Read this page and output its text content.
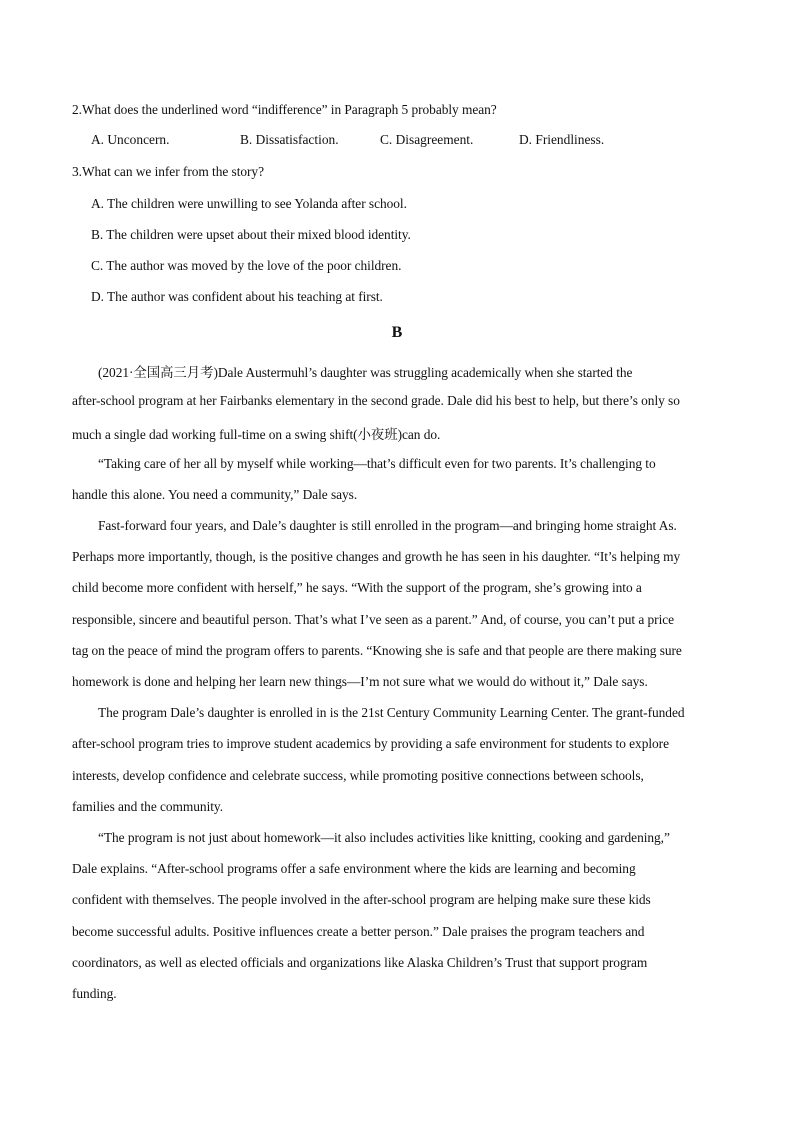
2.What does the underlined word “indifference” in Paragraph 5 probably mean?
A. Unconcern.	B. Dissatisfaction.	C. Disagreement.	D. Friendliness.
3.What can we infer from the story?
A. The children were unwilling to see Yolanda after school.
B. The children were upset about their mixed blood identity.
C. The author was moved by the love of the poor children.
D. The author was confident about his teaching at first.
B
(2021·全国高三月考)Dale Austermuhl’s daughter was struggling academically when she started the
after-school program at her Fairbanks elementary in the second grade. Dale did his best to help, but there’s only so
much a single dad working full-time on a swing shift(小夜班)can do.
“Taking care of her all by myself while working—that’s difficult even for two parents. It’s challenging to
handle this alone. You need a community,” Dale says.
Fast-forward four years, and Dale’s daughter is still enrolled in the program—and bringing home straight As.
Perhaps more importantly, though, is the positive changes and growth he has seen in his daughter. “It’s helping my
child become more confident with herself,” he says. “With the support of the program, she’s growing into a
responsible, sincere and beautiful person. That’s what I’ve seen as a parent.” And, of course, you can’t put a price
tag on the peace of mind the program offers to parents. “Knowing she is safe and that people are there making sure
homework is done and helping her learn new things—I’m not sure what we would do without it,” Dale says.
The program Dale’s daughter is enrolled in is the 21st Century Community Learning Center. The grant-funded
after-school program tries to improve student academics by providing a safe environment for students to explore
interests, develop confidence and celebrate success, while promoting positive connections between schools,
families and the community.
“The program is not just about homework—it also includes activities like knitting, cooking and gardening,”
Dale explains. “After-school programs offer a safe environment where the kids are learning and becoming
confident with themselves. The people involved in the after-school program are helping make sure these kids
become successful adults. Positive influences create a better person.” Dale praises the program teachers and
coordinators, as well as elected officials and organizations like Alaska Children’s Trust that support program
funding.
